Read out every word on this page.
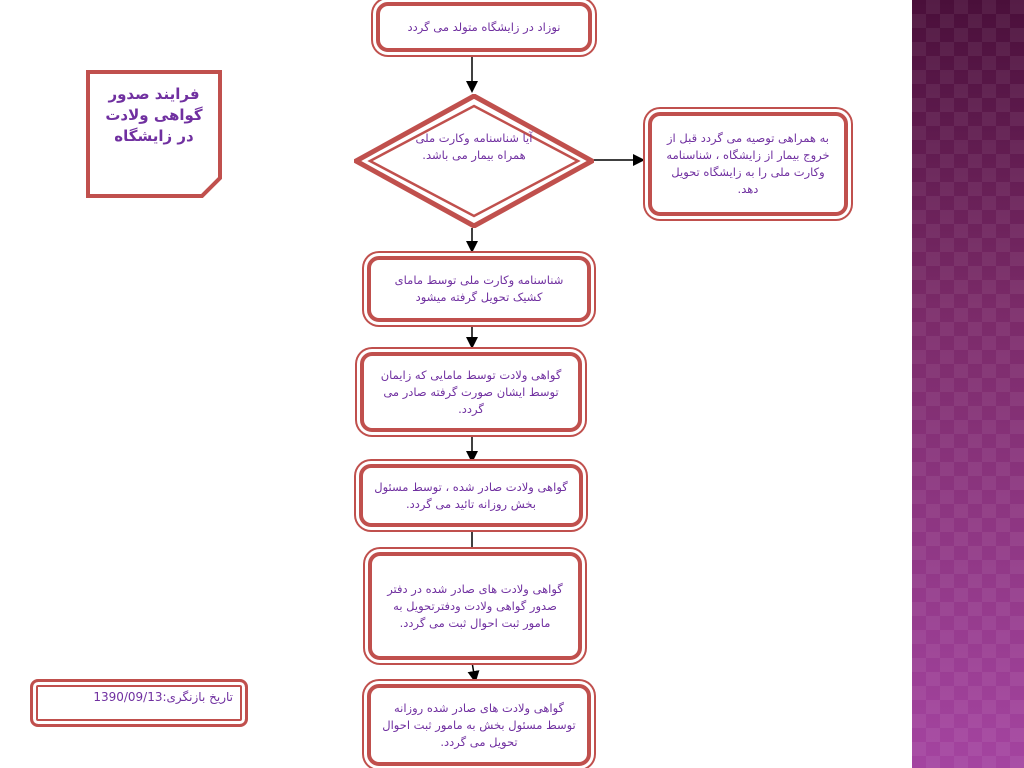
فرایند صدور گواهی ولادت در زایشگاه
نوزاد در زایشگاه متولد می گردد
آیا شناسنامه وکارت ملی همراه بیمار می باشد.
به همراهی توصیه می گردد قبل از خروج بیمار از زایشگاه ، شناسنامه وکارت ملی را به زایشگاه تحویل دهد.
شناسنامه وکارت ملی توسط مامای کشیک تحویل گرفته میشود
گواهی ولادت توسط مامایی که زایمان توسط ایشان صورت گرفته صادر می گردد.
گواهی ولادت صادر شده ، توسط مسئول بخش روزانه تائید می گردد.
گواهی ولادت های صادر شده در دفتر صدور گواهی ولادت ودفترتحویل به مامور ثبت احوال ثبت می گردد.
گواهی ولادت های صادر شده روزانه توسط مسئول بخش به مامور ثبت احوال تحویل می گردد.
تاریخ بازنگری:1390/09/13
